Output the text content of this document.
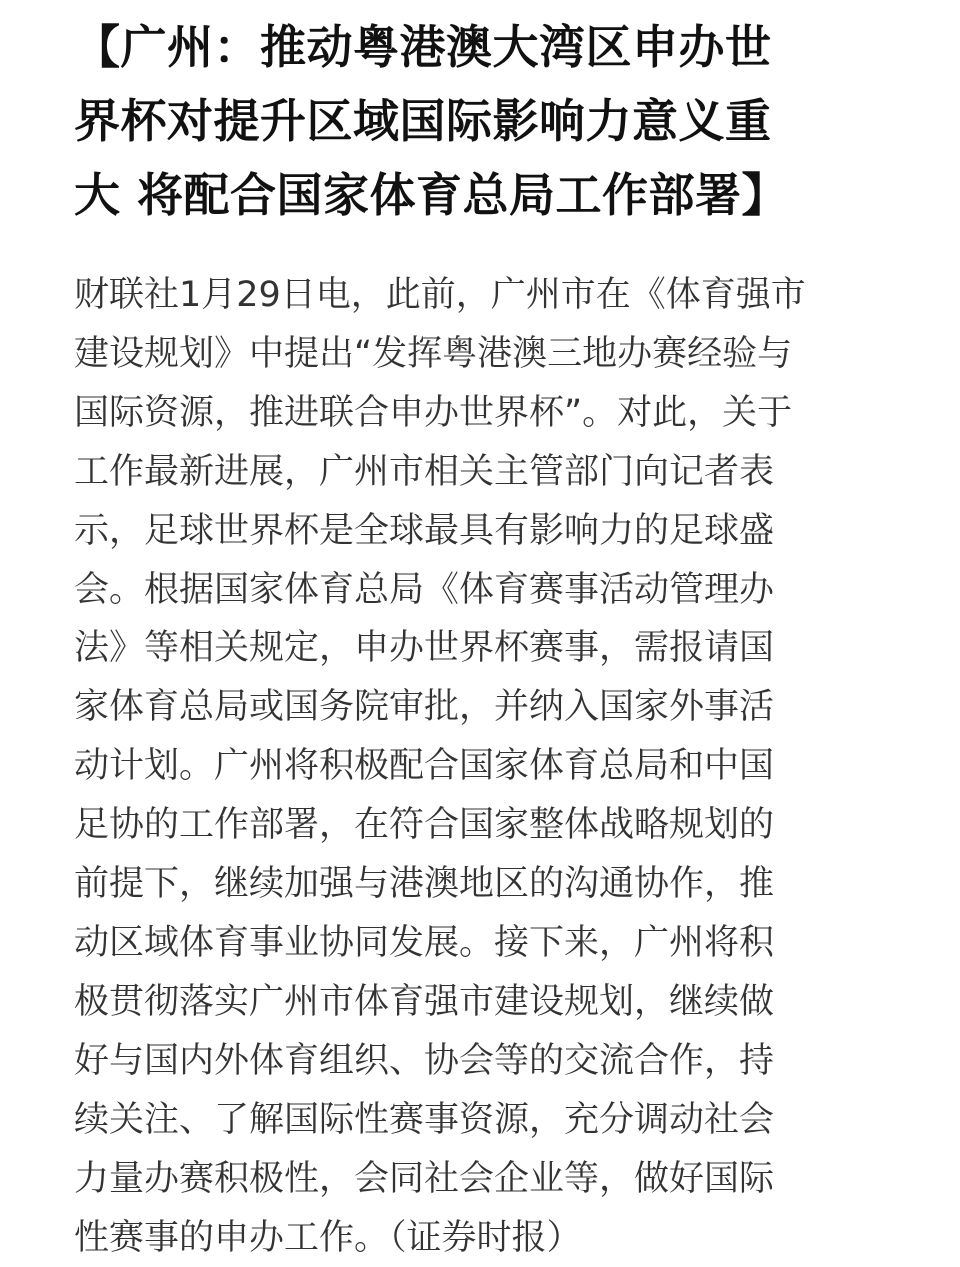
【广州：推动粤港澳大湾区申办世
界杯对提升区域国际影响力意义重
大 将配合国家体育总局工作部署】
财联社1月29日电，此前，广州市在《体育强市
建设规划》中提出“发挥粤港澳三地办赛经验与
国际资源，推进联合申办世界杯”。对此，关于
工作最新进展，广州市相关主管部门向记者表
示，足球世界杯是全球最具有影响力的足球盛
会。根据国家体育总局《体育赛事活动管理办
法》等相关规定，申办世界杯赛事，需报请国
家体育总局或国务院审批，并纳入国家外事活
动计划。广州将积极配合国家体育总局和中国
足协的工作部署，在符合国家整体战略规划的
前提下，继续加强与港澳地区的沟通协作，推
动区域体育事业协同发展。接下来，广州将积
极贯彻落实广州市体育强市建设规划，继续做
好与国内外体育组织、协会等的交流合作，持
续关注、了解国际性赛事资源，充分调动社会
力量办赛积极性，会同社会企业等，做好国际
性赛事的申办工作。（证券时报）
